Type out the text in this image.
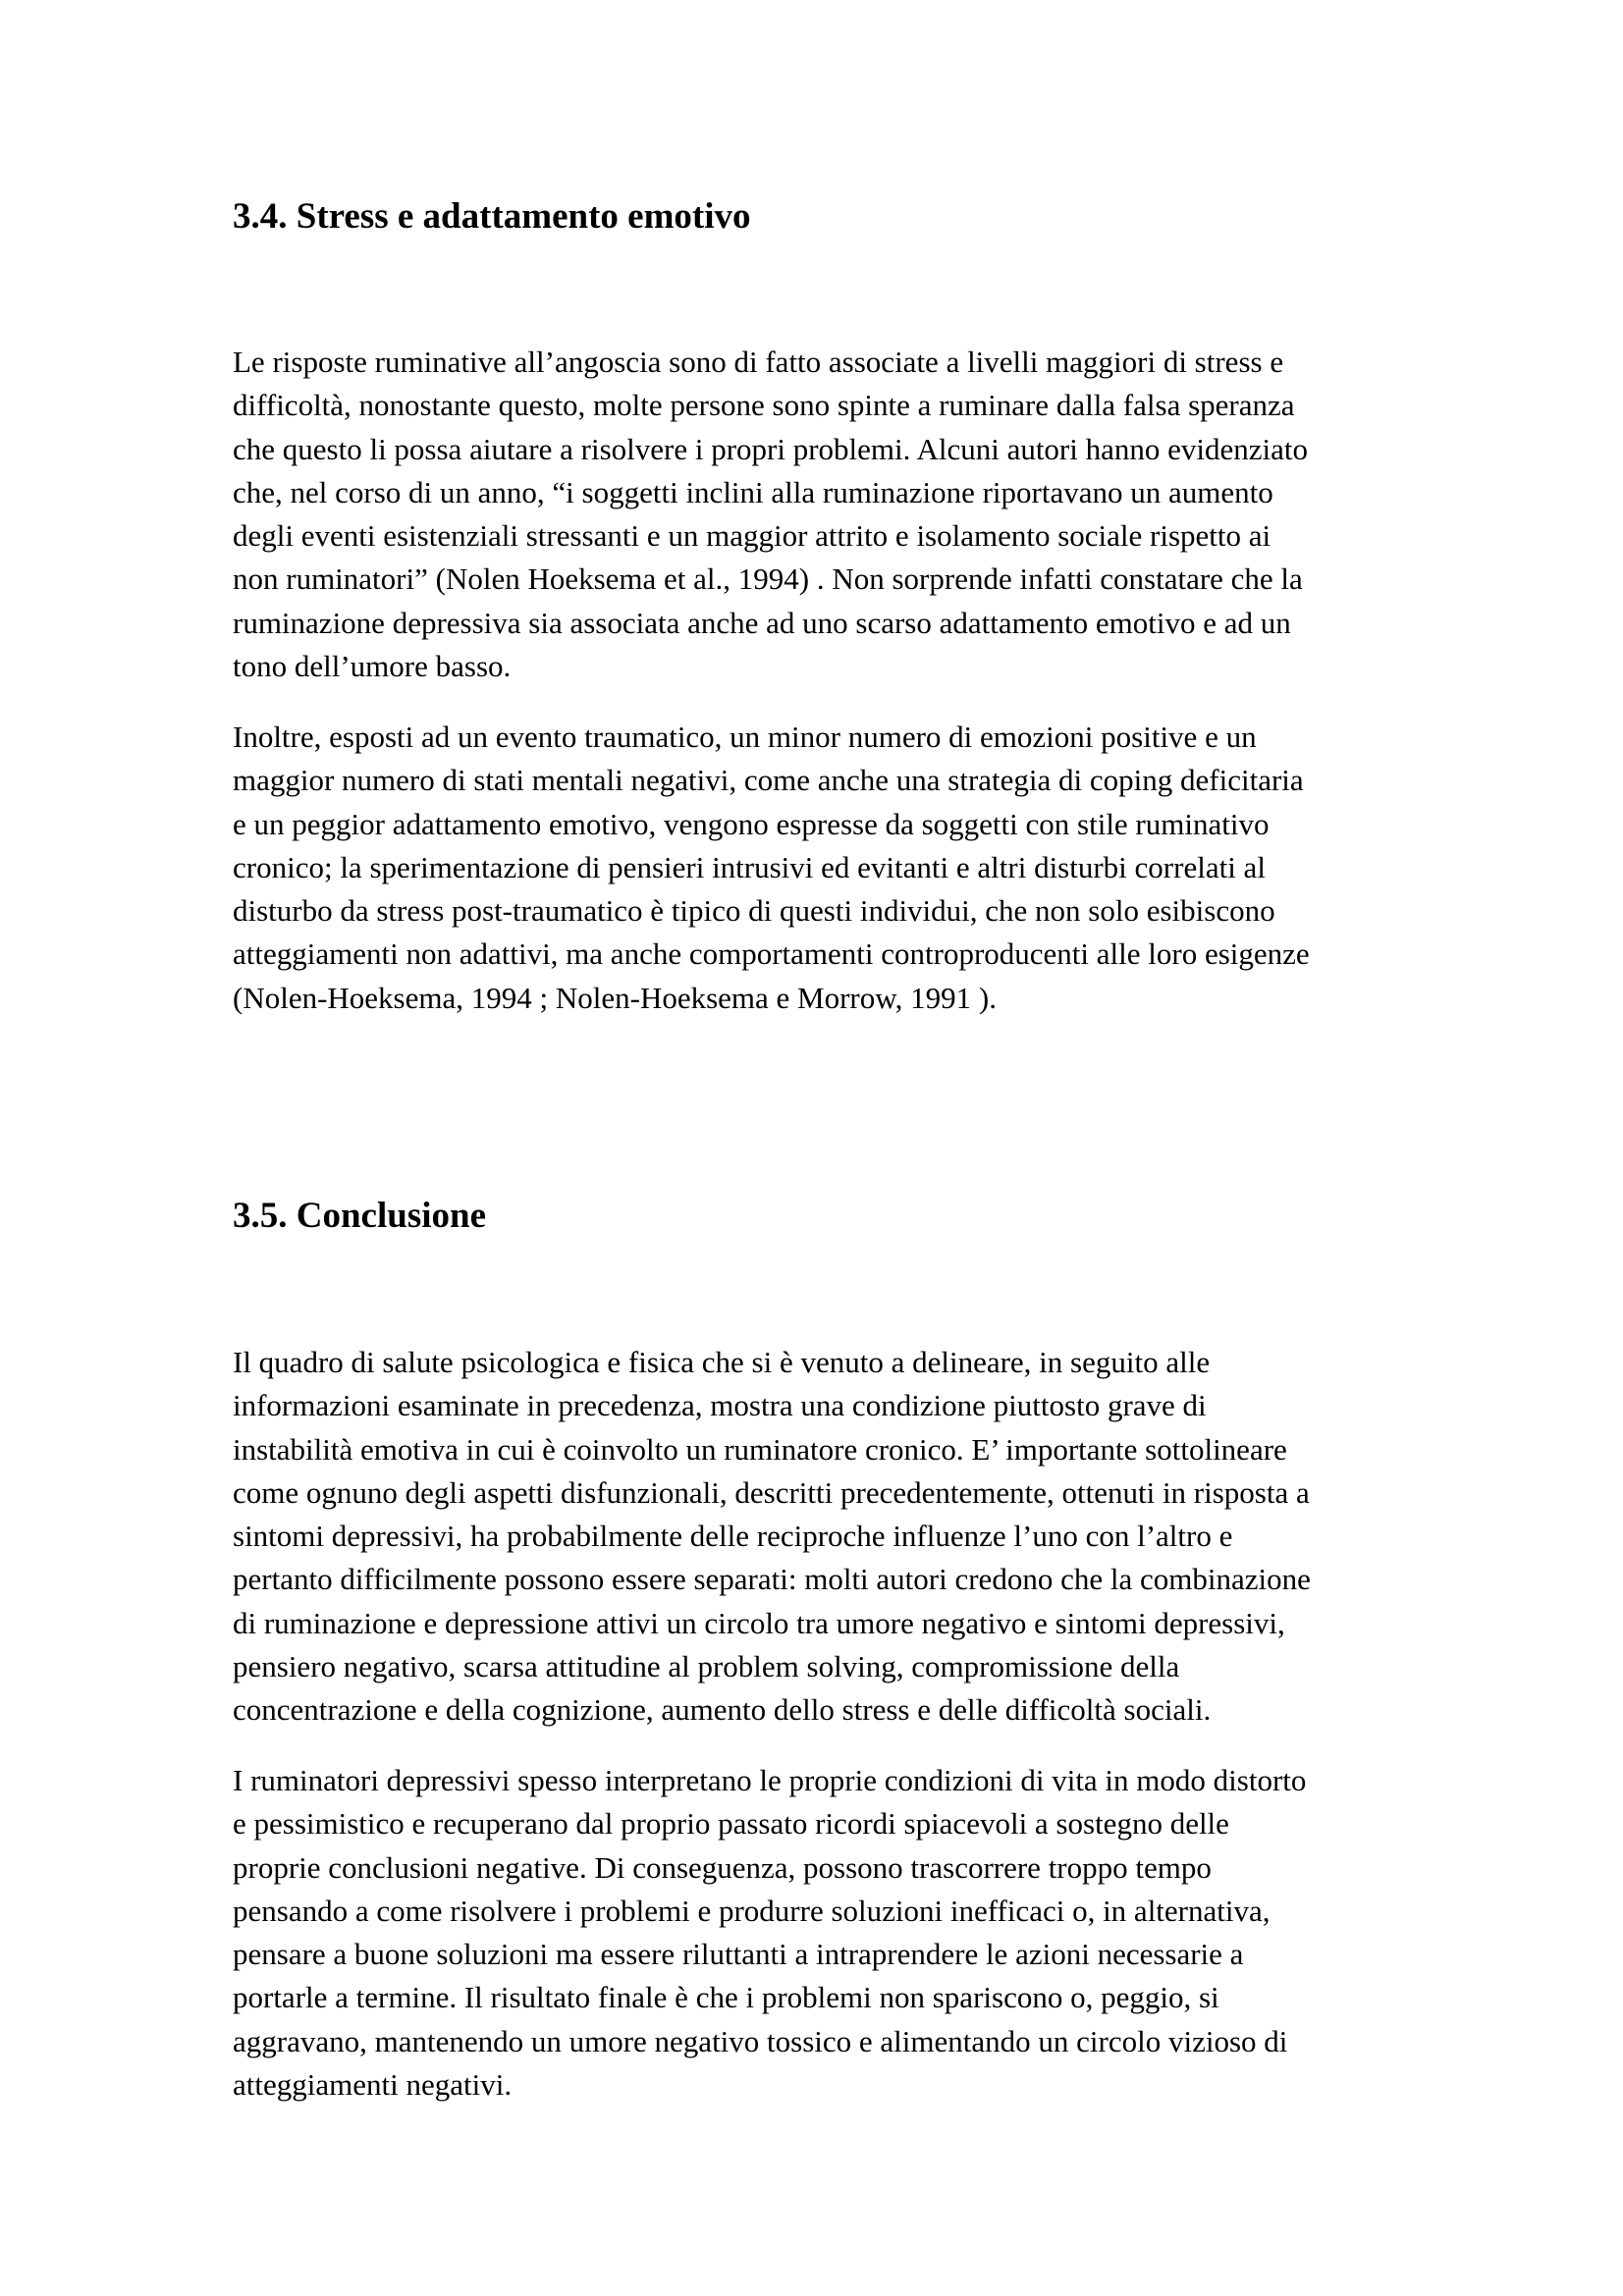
3.4. Stress e adattamento emotivo

Le risposte ruminative all’angoscia sono di fatto associate a livelli maggiori di stress e
difficoltà, nonostante questo, molte persone sono spinte a ruminare dalla falsa speranza
che questo li possa aiutare a risolvere i propri problemi. Alcuni autori hanno evidenziato
che, nel corso di un anno, “i soggetti inclini alla ruminazione riportavano un aumento
degli eventi esistenziali stressanti e un maggior attrito e isolamento sociale rispetto ai
non ruminatori” (Nolen Hoeksema et al., 1994) . Non sorprende infatti constatare che la
ruminazione depressiva sia associata anche ad uno scarso adattamento emotivo e ad un
tono dell’umore basso.

Inoltre, esposti ad un evento traumatico, un minor numero di emozioni positive e un
maggior numero di stati mentali negativi, come anche una strategia di coping deficitaria
e un peggior adattamento emotivo, vengono espresse da soggetti con stile ruminativo
cronico; la sperimentazione di pensieri intrusivi ed evitanti e altri disturbi correlati al
disturbo da stress post-traumatico è tipico di questi individui, che non solo esibiscono
atteggiamenti non adattivi, ma anche comportamenti controproducenti alle loro esigenze
(Nolen-Hoeksema, 1994 ; Nolen-Hoeksema e Morrow, 1991 ).

3.5. Conclusione

Il quadro di salute psicologica e fisica che si è venuto a delineare, in seguito alle
informazioni esaminate in precedenza, mostra una condizione piuttosto grave di
instabilità emotiva in cui è coinvolto un ruminatore cronico. E’ importante sottolineare
come ognuno degli aspetti disfunzionali, descritti precedentemente, ottenuti in risposta a
sintomi depressivi, ha probabilmente delle reciproche influenze l’uno con l’altro e
pertanto difficilmente possono essere separati: molti autori credono che la combinazione
di ruminazione e depressione attivi un circolo tra umore negativo e sintomi depressivi,
pensiero negativo, scarsa attitudine al problem solving, compromissione della
concentrazione e della cognizione, aumento dello stress e delle difficoltà sociali.

I ruminatori depressivi spesso interpretano le proprie condizioni di vita in modo distorto
e pessimistico e recuperano dal proprio passato ricordi spiacevoli a sostegno delle
proprie conclusioni negative. Di conseguenza, possono trascorrere troppo tempo
pensando a come risolvere i problemi e produrre soluzioni inefficaci o, in alternativa,
pensare a buone soluzioni ma essere riluttanti a intraprendere le azioni necessarie a
portarle a termine. Il risultato finale è che i problemi non spariscono o, peggio, si
aggravano, mantenendo un umore negativo tossico e alimentando un circolo vizioso di
atteggiamenti negativi.
